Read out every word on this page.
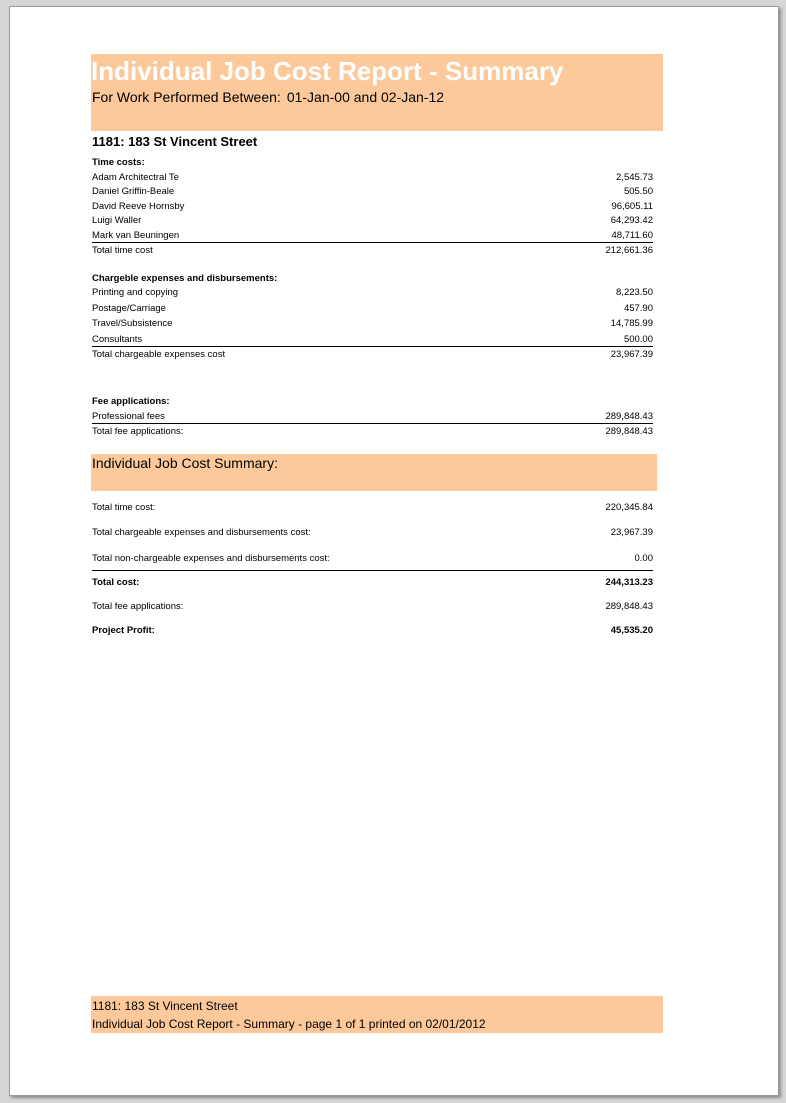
Individual Job Cost Report - Summary
For Work Performed Between: 01-Jan-00 and 02-Jan-12
1181: 183 St Vincent Street
Time costs:
Adam Architectral Te	2,545.73
Daniel Griffin-Beale	505.50
David Reeve Hornsby	96,605.11
Luigi Waller	64,293.42
Mark van Beuningen	48,711.60
Total time cost	212,661.36
Chargeble expenses and disbursements:
Printing and copying	8,223.50
Postage/Carriage	457.90
Travel/Subsistence	14,785.99
Consultants	500.00
Total chargeable expenses cost	23,967.39
Fee applications:
Professional fees	289,848.43
Total fee applications:	289,848.43
Individual Job Cost Summary:
Total time cost:	220,345.84
Total chargeable expenses and disbursements cost:	23,967.39
Total non-chargeable expenses and disbursements cost:	0.00
Total cost:	244,313.23
Total fee applications:	289,848.43
Project Profit:	45,535.20
1181: 183 St Vincent Street
Individual Job Cost Report - Summary - page 1 of 1 printed on 02/01/2012
